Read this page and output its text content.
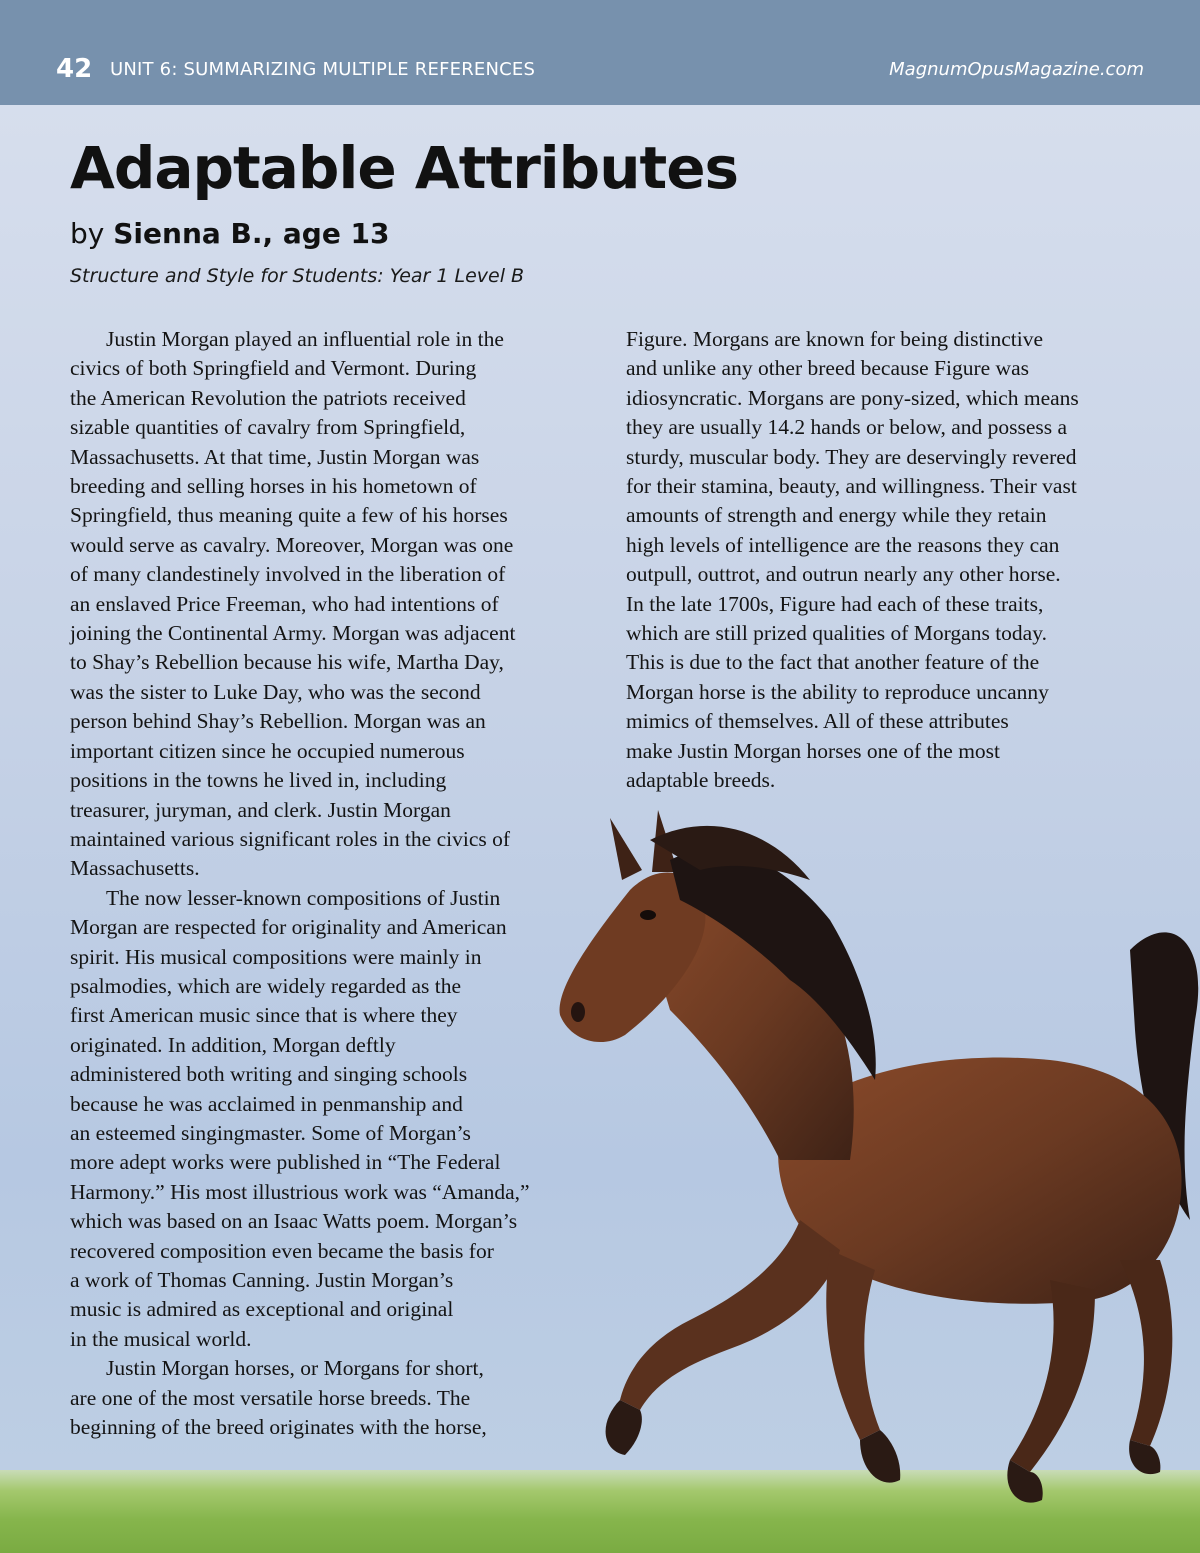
42 UNIT 6: SUMMARIZING MULTIPLE REFERENCES	MagnumOpusMagazine.com
Adaptable Attributes
by Sienna B., age 13
Structure and Style for Students: Year 1 Level B
Justin Morgan played an influential role in the
civics of both Springfield and Vermont. During
the American Revolution the patriots received
sizable quantities of cavalry from Springfield,
Massachusetts. At that time, Justin Morgan was
breeding and selling horses in his hometown of
Springfield, thus meaning quite a few of his horses
would serve as cavalry. Moreover, Morgan was one
of many clandestinely involved in the liberation of
an enslaved Price Freeman, who had intentions of
joining the Continental Army. Morgan was adjacent
to Shay’s Rebellion because his wife, Martha Day,
was the sister to Luke Day, who was the second
person behind Shay’s Rebellion. Morgan was an
important citizen since he occupied numerous
positions in the towns he lived in, including
treasurer, juryman, and clerk. Justin Morgan
maintained various significant roles in the civics of
Massachusetts.
The now lesser-known compositions of Justin
Morgan are respected for originality and American
spirit. His musical compositions were mainly in
psalmodies, which are widely regarded as the
first American music since that is where they
originated. In addition, Morgan deftly
administered both writing and singing schools
because he was acclaimed in penmanship and
an esteemed singingmaster. Some of Morgan’s
more adept works were published in “The Federal
Harmony.” His most illustrious work was “Amanda,”
which was based on an Isaac Watts poem. Morgan’s
recovered composition even became the basis for
a work of Thomas Canning. Justin Morgan’s
music is admired as exceptional and original
in the musical world.
Justin Morgan horses, or Morgans for short,
are one of the most versatile horse breeds. The
beginning of the breed originates with the horse,
Figure. Morgans are known for being distinctive
and unlike any other breed because Figure was
idiosyncratic. Morgans are pony-sized, which means
they are usually 14.2 hands or below, and possess a
sturdy, muscular body. They are deservingly revered
for their stamina, beauty, and willingness. Their vast
amounts of strength and energy while they retain
high levels of intelligence are the reasons they can
outpull, outtrot, and outrun nearly any other horse.
In the late 1700s, Figure had each of these traits,
which are still prized qualities of Morgans today.
This is due to the fact that another feature of the
Morgan horse is the ability to reproduce uncanny
mimics of themselves. All of these attributes
make Justin Morgan horses one of the most
adaptable breeds.
